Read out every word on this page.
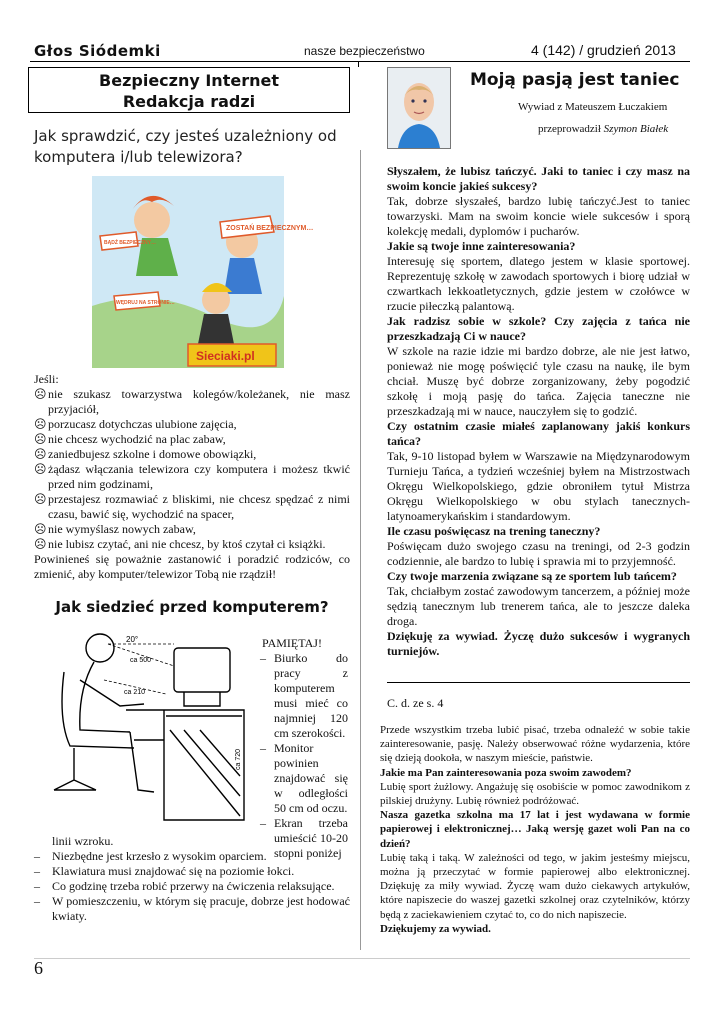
Głos Siódemki	nasze bezpieczeństwo	4 (142) / grudzień 2013
Bezpieczny Internet
Redakcja radzi
Jak sprawdzić, czy jesteś uzależniony od komputera i/lub telewizora?
ZOSTAŃ BEZPIECZNYM…
BĄDŹ BEZPIECZNY…
WĘDRUJ NA STRONIE…
Sieciaki.pl
Jeśli:
☹nie szukasz towarzystwa kolegów/koleżanek, nie masz przyjaciół,
☹porzucasz dotychczas ulubione zajęcia,
☹nie chcesz wychodzić na plac zabaw,
☹zaniedbujesz szkolne i domowe obowiązki,
☹żądasz włączania telewizora czy komputera i możesz tkwić przed nim godzinami,
☹przestajesz rozmawiać z bliskimi, nie chcesz spędzać z nimi czasu, bawić się, wychodzić na spacer,
☹nie wymyślasz nowych zabaw,
☹nie lubisz czytać, ani nie chcesz, by ktoś czytał ci książki.
Powinieneś się poważnie zastanowić i poradzić rodziców, co zmienić, aby komputer/telewizor Tobą nie rządził!
Jak siedzieć przed komputerem?
20°
ca 500
ca 210
ca 720
PAMIĘTAJ!
– Biurko do pracy z komputerem musi mieć co najmniej 120 cm szerokości.
– Monitor powinien znajdować się w odległości 50 cm od oczu.
– Ekran trzeba umieścić 10-20 stopni poniżej
linii wzroku.
– Niezbędne jest krzesło z wysokim oparciem.
– Klawiatura musi znajdować się na poziomie łokci.
– Co godzinę trzeba robić przerwy na ćwiczenia relaksujące.
– W pomieszczeniu, w którym się pracuje, dobrze jest hodować kwiaty.
Moją pasją jest taniec
Wywiad z Mateuszem Łuczakiem
przeprowadził Szymon Białek

Słyszałem, że lubisz tańczyć. Jaki to taniec i czy masz na swoim koncie jakieś sukcesy?

Tak, dobrze słyszałeś, bardzo lubię tańczyć.Jest to taniec towarzyski. Mam na swoim koncie wiele sukcesów i sporą kolekcję medali, dyplomów i pucharów.

Jakie są twoje inne zainteresowania?

Interesuję się sportem, dlatego jestem w klasie sportowej. Reprezentuję szkołę w zawodach sportowych i biorę udział w czwartkach lekkoatletycznych, gdzie jestem w czołówce w rzucie piłeczką palantową.

Jak radzisz sobie w szkole? Czy zajęcia z tańca nie przeszkadzają Ci w nauce?

W szkole na razie idzie mi bardzo dobrze, ale nie jest łatwo, ponieważ nie mogę poświęcić tyle czasu na naukę, ile bym chciał. Muszę być dobrze zorganizowany, żeby pogodzić szkołę i moją pasję do tańca. Zajęcia taneczne nie przeszkadzają mi w nauce, nauczyłem się to godzić.

Czy ostatnim czasie miałeś zaplanowany jakiś konkurs tańca?

Tak, 9-10 listopad byłem w Warszawie na Międzynarodowym Turnieju Tańca, a tydzień wcześniej byłem na Mistrzostwach Okręgu Wielkopolskiego, gdzie obroniłem tytuł Mistrza Okręgu Wielkopolskiego w obu stylach tanecznych-latynoamerykańskim i standardowym.

Ile czasu poświęcasz na trening taneczny?

Poświęcam dużo swojego czasu na treningi, od 2-3 godzin codziennie, ale bardzo to lubię i sprawia mi to przyjemność.

Czy twoje marzenia związane są ze sportem lub tańcem?

Tak, chciałbym zostać zawodowym tancerzem, a później może sędzią tanecznym lub trenerem tańca, ale to jeszcze daleka droga.

Dziękuję za wywiad. Życzę dużo sukcesów i wygranych turniejów.

C. d. ze s. 4

Przede wszystkim trzeba lubić pisać, trzeba odnaleźć w sobie takie zainteresowanie, pasję. Należy obserwować różne wydarzenia, które się dzieją dookoła, w naszym mieście, państwie.

Jakie ma Pan zainteresowania poza swoim zawodem?

Lubię sport żużlowy. Angażuję się osobiście w pomoc zawodnikom z pilskiej drużyny. Lubię również podróżować.

Nasza gazetka szkolna ma 17 lat i jest wydawana w formie papierowej i elektronicznej… Jaką wersję gazet woli Pan na co dzień?

Lubię taką i taką. W zależności od tego, w jakim jesteśmy miejscu, można ją przeczytać w formie papierowej albo elektronicznej. Dziękuję za miły wywiad. Życzę wam dużo ciekawych artykułów, które napiszecie do waszej gazetki szkolnej oraz czytelników, którzy będą z zaciekawieniem czytać to, co do nich napiszecie.

Dziękujemy za wywiad.

6
